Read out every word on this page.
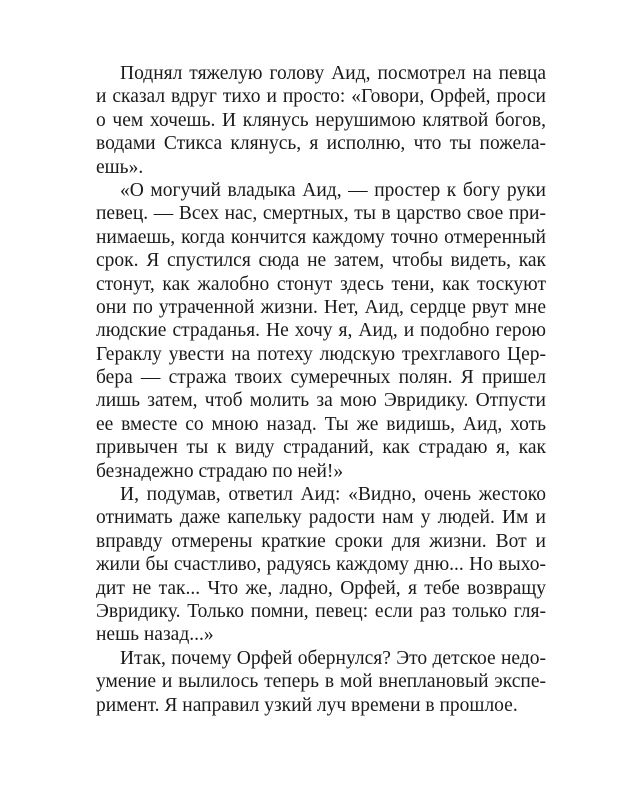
Поднял тяжелую голову Аид, посмотрел на певца
и сказал вдруг тихо и просто: «Говори, Орфей, проси
о чем хочешь. И клянусь нерушимою клятвой богов,
водами Стикса клянусь, я исполню, что ты пожела-
ешь».
«О могучий владыка Аид, — простер к богу руки
певец. — Всех нас, смертных, ты в царство свое при-
нимаешь, когда кончится каждому точно отмеренный
срок. Я спустился сюда не затем, чтобы видеть, как
стонут, как жалобно стонут здесь тени, как тоскуют
они по утраченной жизни. Нет, Аид, сердце рвут мне
людские страданья. Не хочу я, Аид, и подобно герою
Гераклу увести на потеху людскую трехглавого Цер-
бера — стража твоих сумеречных полян. Я пришел
лишь затем, чтоб молить за мою Эвридику. Отпусти
ее вместе со мною назад. Ты же видишь, Аид, хоть
привычен ты к виду страданий, как страдаю я, как
безнадежно страдаю по ней!»
И, подумав, ответил Аид: «Видно, очень жестоко
отнимать даже капельку радости нам у людей. Им и
вправду отмерены краткие сроки для жизни. Вот и
жили бы счастливо, радуясь каждому дню... Но выхо-
дит не так... Что же, ладно, Орфей, я тебе возвращу
Эвридику. Только помни, певец: если раз только гля-
нешь назад...»
Итак, почему Орфей обернулся? Это детское недо-
умение и вылилось теперь в мой внеплановый экспе-
римент. Я направил узкий луч времени в прошлое.
